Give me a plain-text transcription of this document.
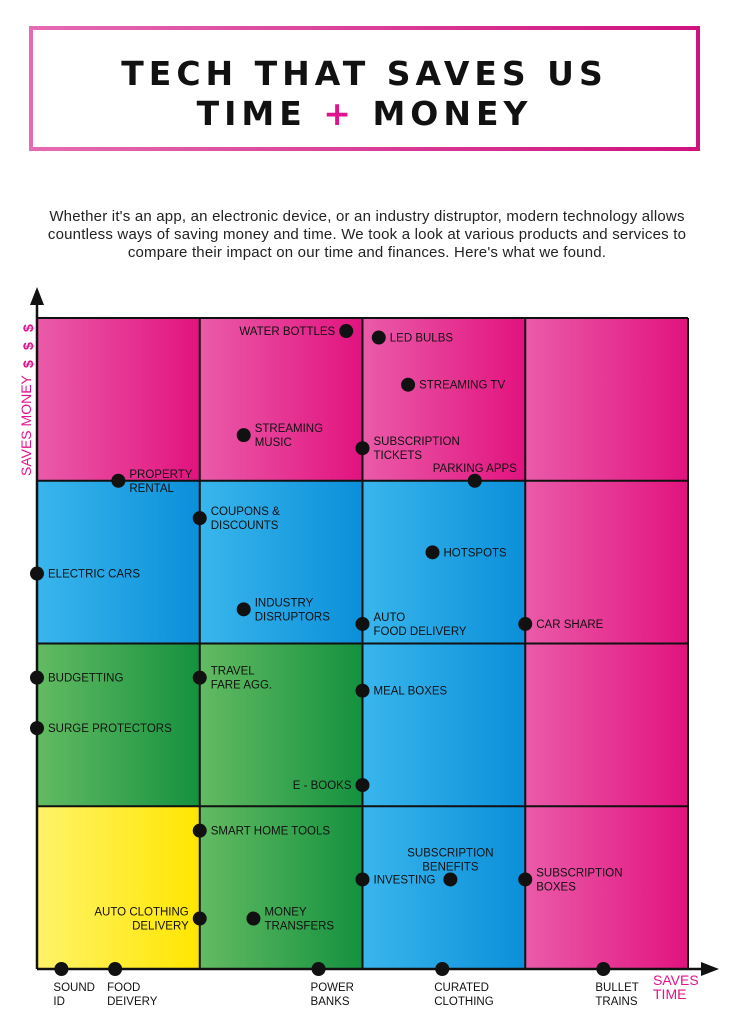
TECH THAT SAVES US
TIME + MONEY
Whether it's an app, an electronic device, or an industry distruptor, modern technology allows countless ways of saving money and time. We took a look at various products and services to compare their impact on our time and finances. Here's what we found.
SAVES TIME
SAVES MONEY
$
$
$	WATER BOTTLES
LED BULBS
STREAMING TV
STREAMING MUSIC	SUBSCRIPTION TICKETS
PARKING APPS
PROPERTY RENTAL
COUPONS & DISCOUNTS
HOTSPOTS
ELECTRIC CARS
INDUSTRY DISRUPTORS	AUTO FOOD DELIVERY
CAR SHARE
BUDGETTING
TRAVEL FARE AGG.
MEAL BOXES
SURGE PROTECTORS
E - BOOKS
SMART HOME TOOLS
INVESTING
SUBSCRIPTION BENEFITS	SUBSCRIPTION BOXES
AUTO CLOTHING DELIVERY
MONEY TRANSFERS
SOUND ID
FOOD DEIVERY
POWER BANKS
CURATED CLOTHING
BULLET TRAINS
